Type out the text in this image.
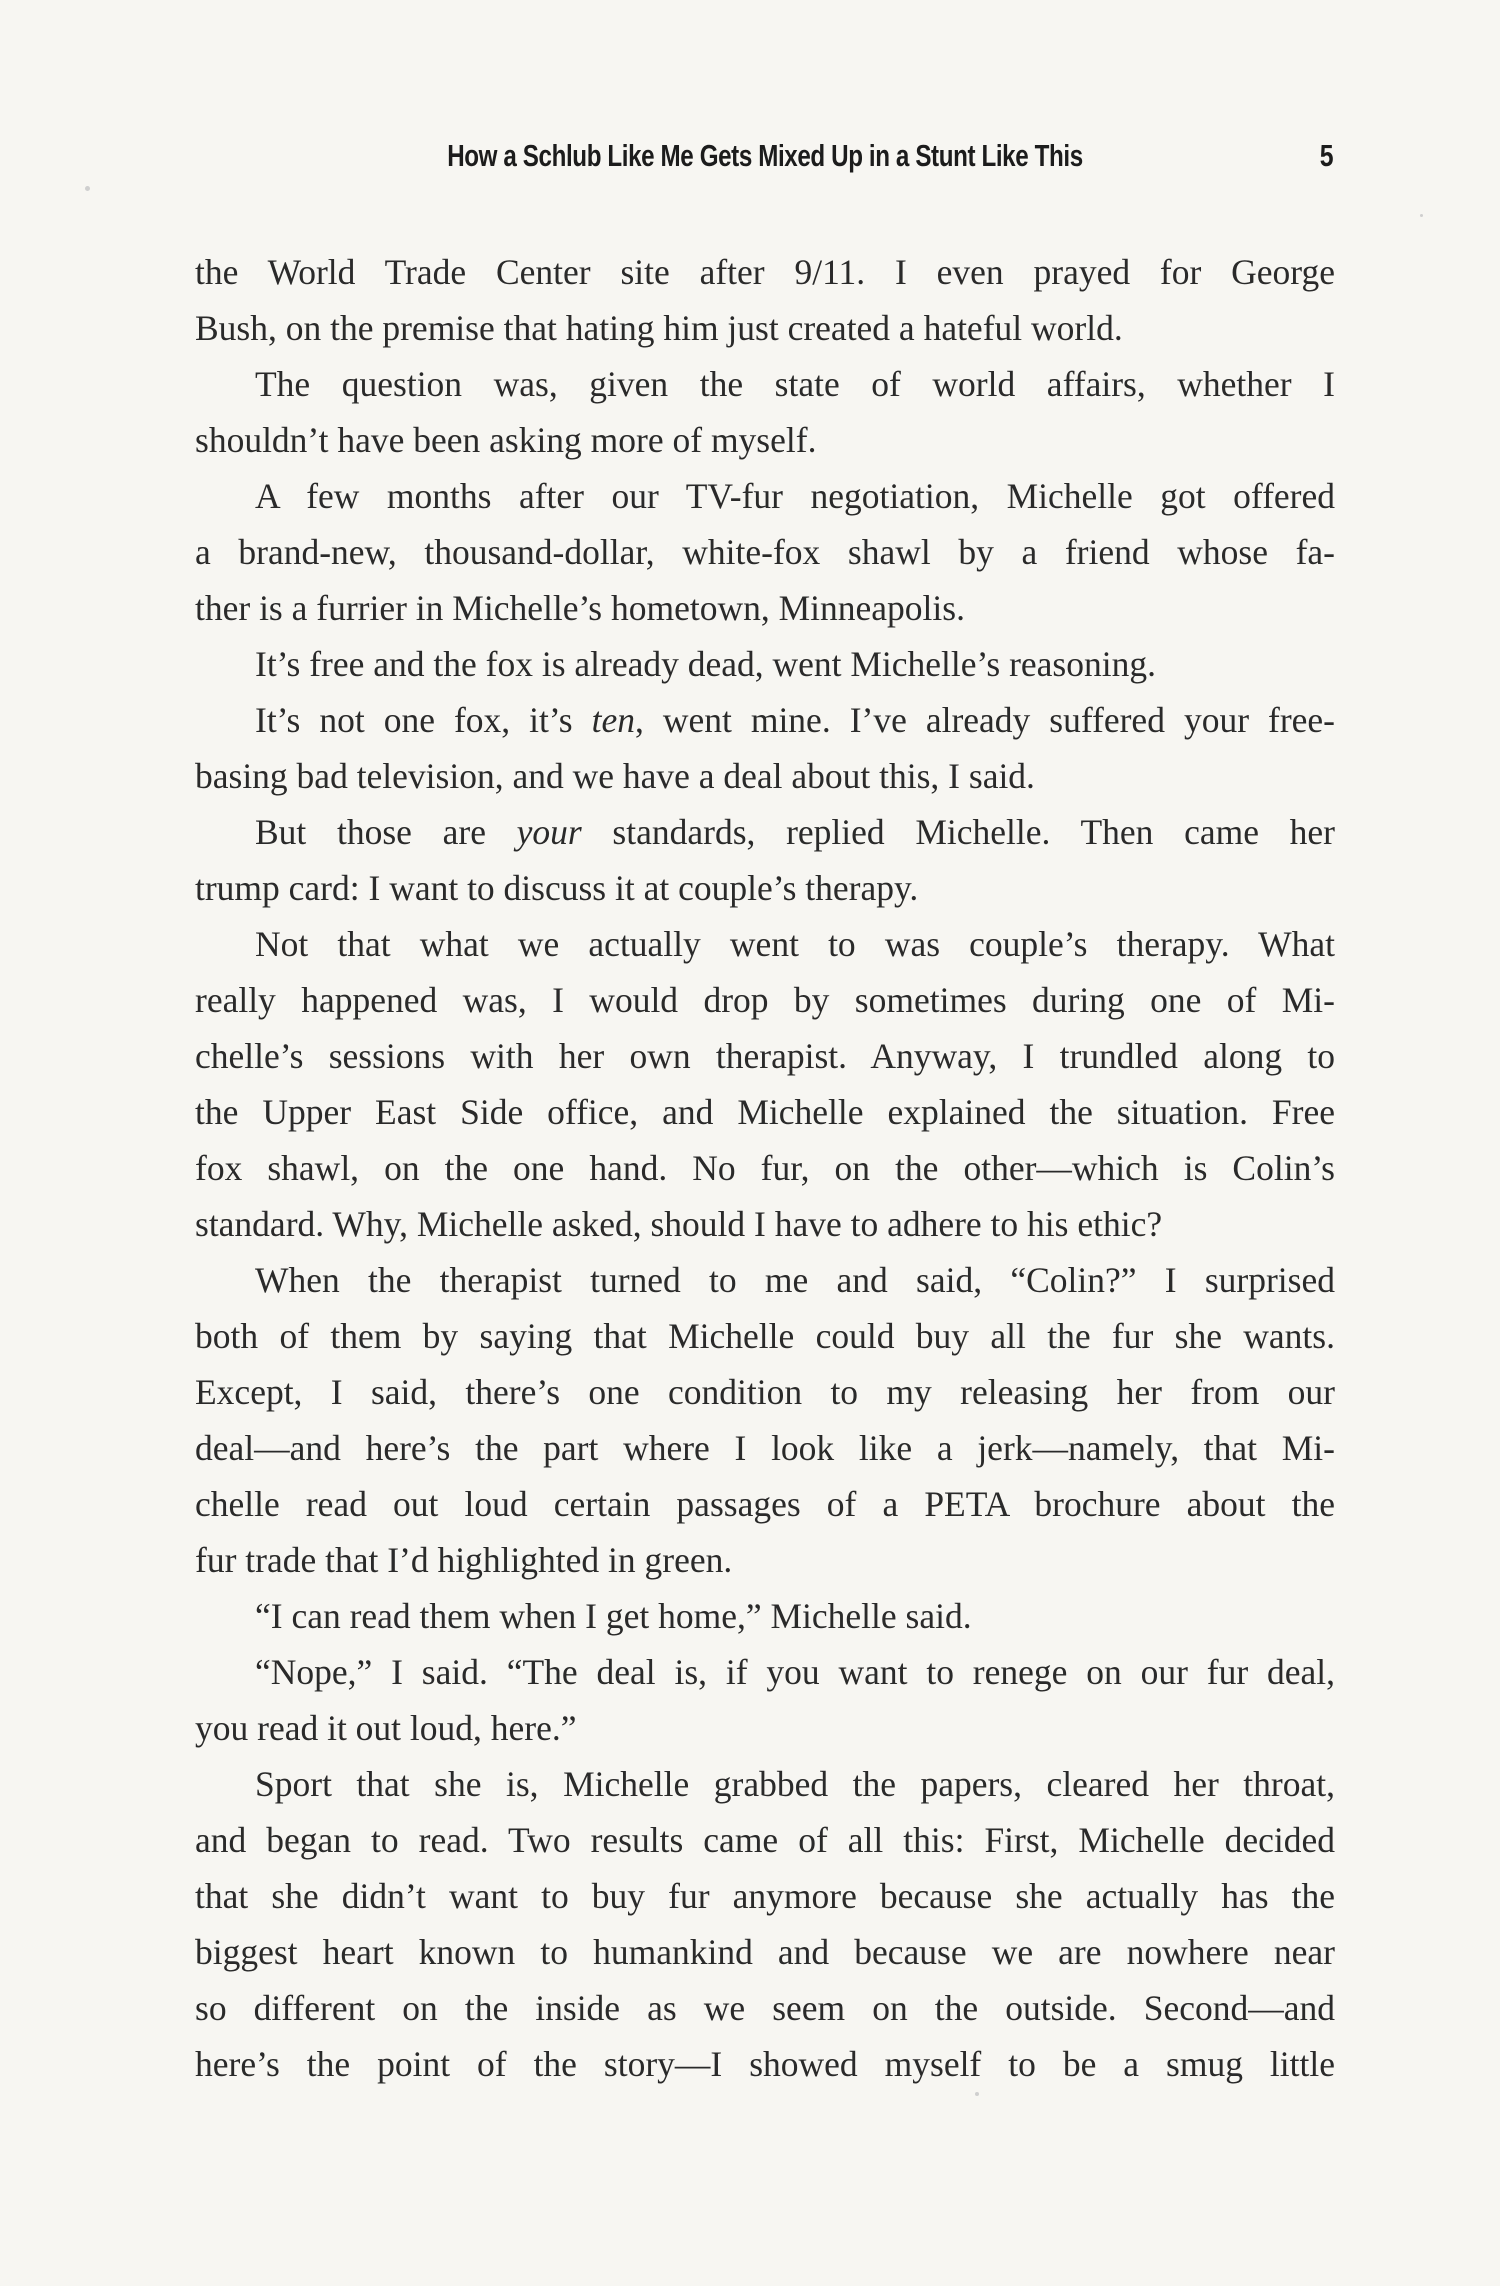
How a Schlub Like Me Gets Mixed Up in a Stunt Like This	5
the World Trade Center site after 9/11. I even prayed for George
Bush, on the premise that hating him just created a hateful world.
The question was, given the state of world affairs, whether I
shouldn’t have been asking more of myself.
A few months after our TV-fur negotiation, Michelle got offered
a brand-new, thousand-dollar, white-fox shawl by a friend whose fa-
ther is a furrier in Michelle’s hometown, Minneapolis.
It’s free and the fox is already dead, went Michelle’s reasoning.
It’s not one fox, it’s ten, went mine. I’ve already suffered your free-
basing bad television, and we have a deal about this, I said.
But those are your standards, replied Michelle. Then came her
trump card: I want to discuss it at couple’s therapy.
Not that what we actually went to was couple’s therapy. What
really happened was, I would drop by sometimes during one of Mi-
chelle’s sessions with her own therapist. Anyway, I trundled along to
the Upper East Side office, and Michelle explained the situation. Free
fox shawl, on the one hand. No fur, on the other—which is Colin’s
standard. Why, Michelle asked, should I have to adhere to his ethic?
When the therapist turned to me and said, “Colin?” I surprised
both of them by saying that Michelle could buy all the fur she wants.
Except, I said, there’s one condition to my releasing her from our
deal—and here’s the part where I look like a jerk—namely, that Mi-
chelle read out loud certain passages of a PETA brochure about the
fur trade that I’d highlighted in green.
“I can read them when I get home,” Michelle said.
“Nope,” I said. “The deal is, if you want to renege on our fur deal,
you read it out loud, here.”
Sport that she is, Michelle grabbed the papers, cleared her throat,
and began to read. Two results came of all this: First, Michelle decided
that she didn’t want to buy fur anymore because she actually has the
biggest heart known to humankind and because we are nowhere near
so different on the inside as we seem on the outside. Second—and
here’s the point of the story—I showed myself to be a smug little
